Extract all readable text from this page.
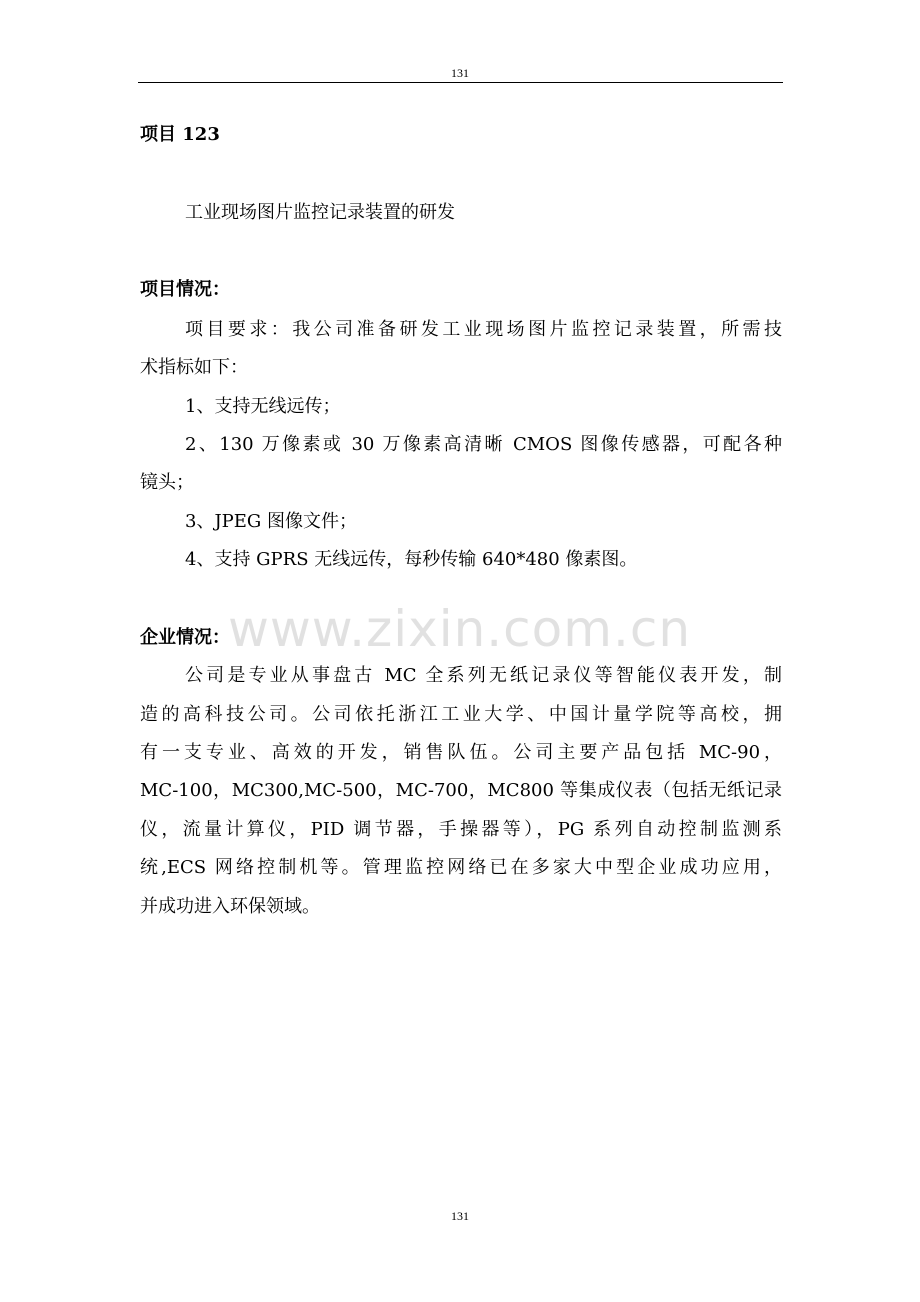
131
www.zixin.com.cn
项目 123
工业现场图片监控记录装置的研发
项目情况：
项目要求：我公司准备研发工业现场图片监控记录装置，所需技
术指标如下：
1、支持无线远传；
2、130 万像素或 30 万像素高清晰 CMOS 图像传感器，可配各种
镜头；
3、JPEG 图像文件；
4、支持 GPRS 无线远传，每秒传输 640*480 像素图。
企业情况：
公司是专业从事盘古 MC 全系列无纸记录仪等智能仪表开发，制
造的高科技公司。公司依托浙江工业大学、中国计量学院等高校，拥
有一支专业、高效的开发，销售队伍。公司主要产品包括 MC-90，
MC-100，MC300,MC-500，MC-700，MC800 等集成仪表（包括无纸记录
仪，流量计算仪，PID 调节器，手操器等），PG 系列自动控制监测系
统,ECS 网络控制机等。管理监控网络已在多家大中型企业成功应用，
并成功进入环保领域。
131
